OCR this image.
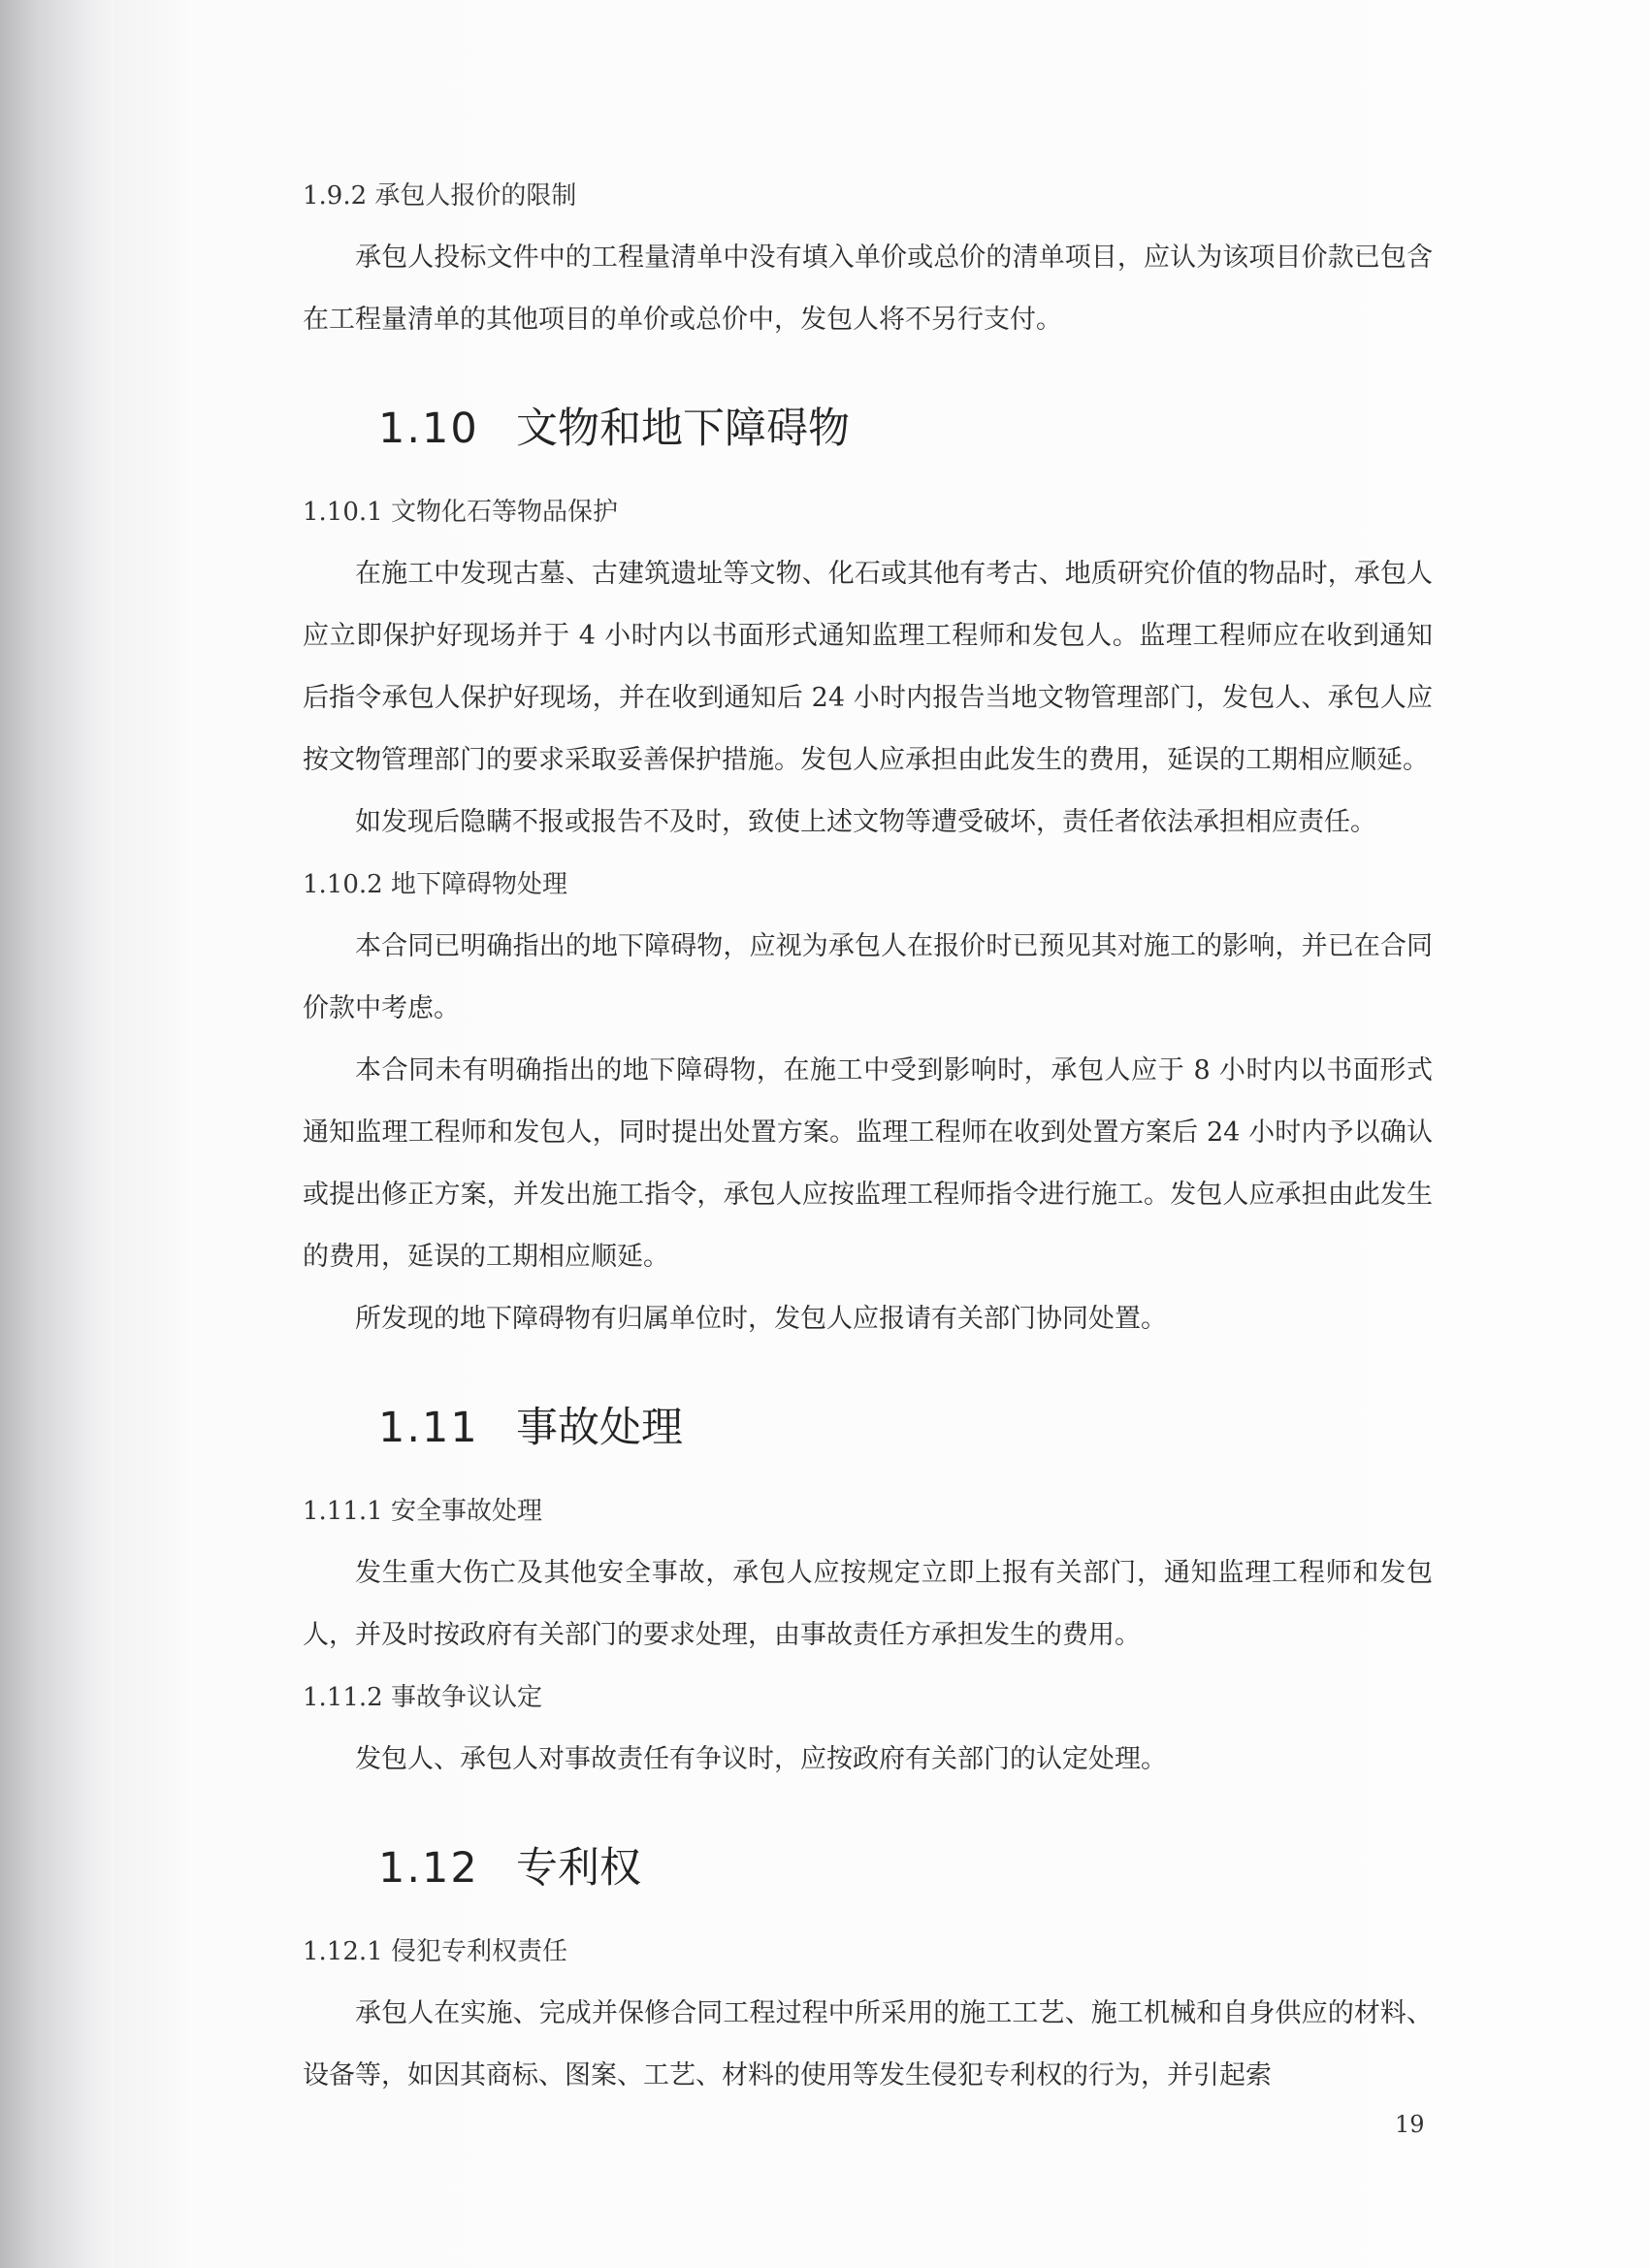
1.9.2 承包人报价的限制

承包人投标文件中的工程量清单中没有填入单价或总价的清单项目，应认为该项目价款已包含在工程量清单的其他项目的单价或总价中，发包人将不另行支付。

1.10 文物和地下障碍物

1.10.1 文物化石等物品保护

在施工中发现古墓、古建筑遗址等文物、化石或其他有考古、地质研究价值的物品时，承包人应立即保护好现场并于 4 小时内以书面形式通知监理工程师和发包人。监理工程师应在收到通知后指令承包人保护好现场，并在收到通知后 24 小时内报告当地文物管理部门，发包人、承包人应按文物管理部门的要求采取妥善保护措施。发包人应承担由此发生的费用，延误的工期相应顺延。

如发现后隐瞒不报或报告不及时，致使上述文物等遭受破坏，责任者依法承担相应责任。

1.10.2 地下障碍物处理

本合同已明确指出的地下障碍物，应视为承包人在报价时已预见其对施工的影响，并已在合同价款中考虑。

本合同未有明确指出的地下障碍物，在施工中受到影响时，承包人应于 8 小时内以书面形式通知监理工程师和发包人，同时提出处置方案。监理工程师在收到处置方案后 24 小时内予以确认或提出修正方案，并发出施工指令，承包人应按监理工程师指令进行施工。发包人应承担由此发生的费用，延误的工期相应顺延。

所发现的地下障碍物有归属单位时，发包人应报请有关部门协同处置。

1.11 事故处理

1.11.1 安全事故处理

发生重大伤亡及其他安全事故，承包人应按规定立即上报有关部门，通知监理工程师和发包人，并及时按政府有关部门的要求处理，由事故责任方承担发生的费用。

1.11.2 事故争议认定

发包人、承包人对事故责任有争议时，应按政府有关部门的认定处理。

1.12 专利权

1.12.1 侵犯专利权责任

承包人在实施、完成并保修合同工程过程中所采用的施工工艺、施工机械和自身供应的材料、设备等，如因其商标、图案、工艺、材料的使用等发生侵犯专利权的行为，并引起索

19
